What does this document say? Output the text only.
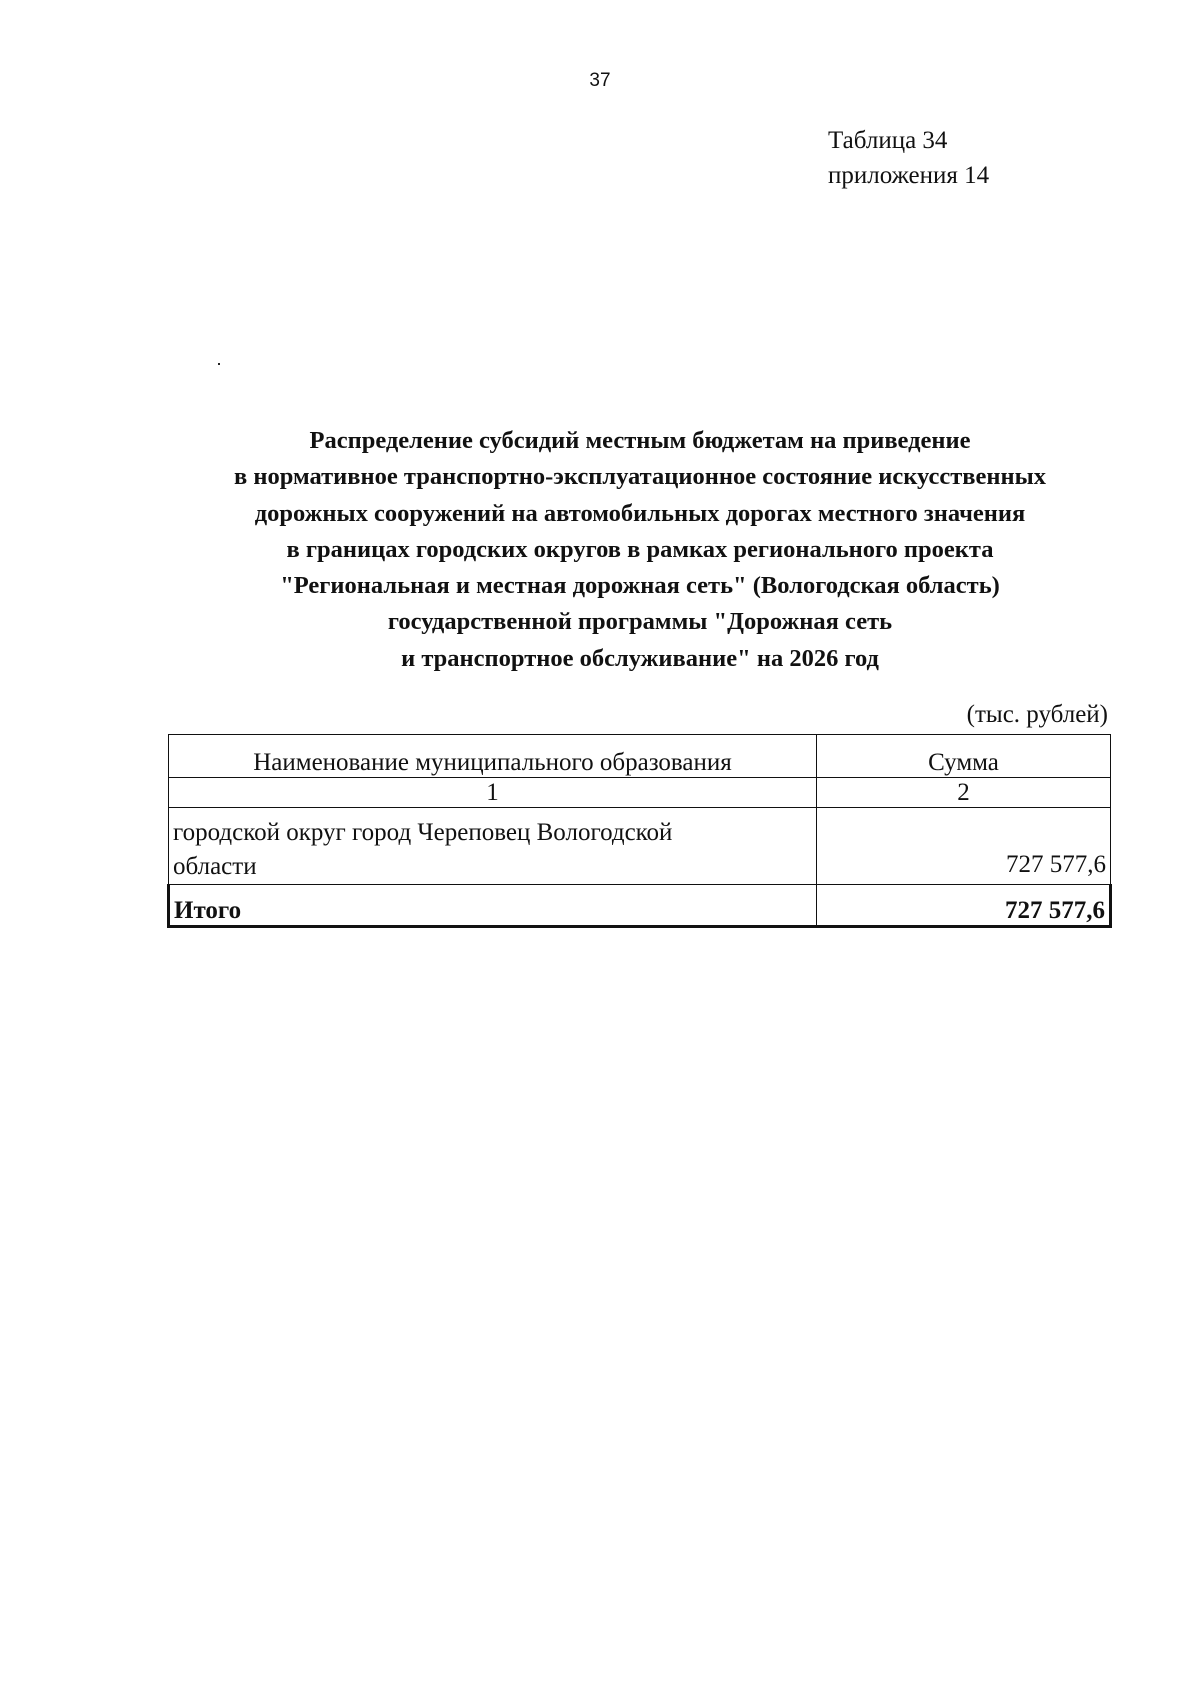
37
Таблица 34
приложения 14
Распределение субсидий местным бюджетам на приведение
в нормативное транспортно-эксплуатационное состояние искусственных
дорожных сооружений на автомобильных дорогах местного значения
в границах городских округов в рамках регионального проекта
"Региональная и местная дорожная сеть" (Вологодская область)
государственной программы "Дорожная сеть
и транспортное обслуживание" на 2026 год
(тыс. рублей)
Наименование муниципального образования	Сумма
1	2

городской округ город Череповец Вологодской
области	727 577,6
Итого	727 577,6
